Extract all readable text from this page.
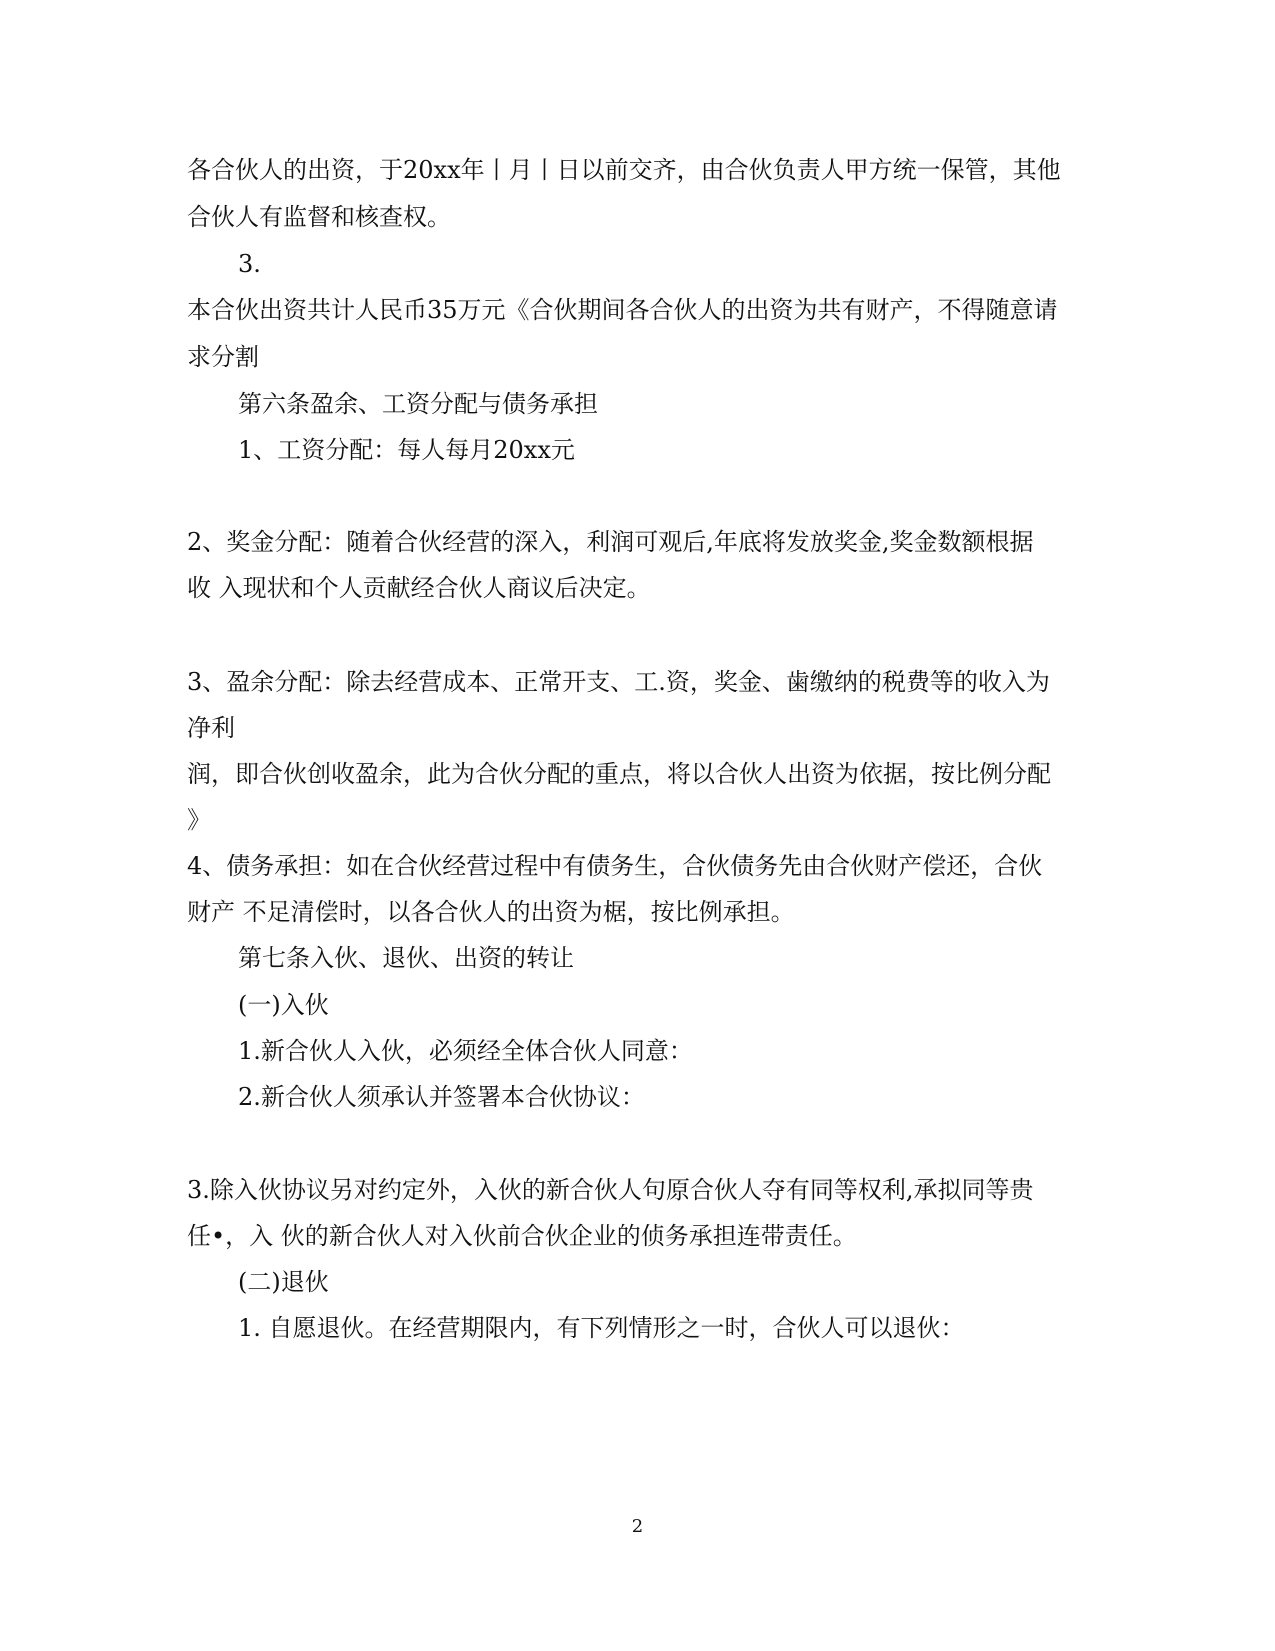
各合伙人的出资，于20xx年丨月丨日以前交齐，由合伙负责人甲方统一保管，其他
合伙人有监督和核查权。
3.
本合伙出资共计人民币35万元《合伙期间各合伙人的出资为共有财产，不得随意请
求分割
第六条盈余、工资分配与债务承担
1、工资分配：每人每月20xx元
2、奖金分配：随着合伙经营的深入，利润可观后,年底将发放奖金,奖金数额根据
收 入现状和个人贡献经合伙人商议后决定。
3、盈余分配：除去经营成本、正常开支、工.资，奖金、歯缴纳的税费等的收入为
净利
润，即合伙创收盈余，此为合伙分配的重点，将以合伙人出资为依据，按比例分配
》
4、债务承担：如在合伙经营过程中有债务生，合伙债务先由合伙财产偿还，合伙
财产 不足清偿时，以各合伙人的出资为椐，按比例承担。
第七条入伙、退伙、出资的转让
(一)入伙
1.新合伙人入伙，必须经全体合伙人同意：
2.新合伙人须承认并签署本合伙协议：
3.除入伙协议另对约定外，入伙的新合伙人句原合伙人夺有同等权利,承拟同等贵
任•，入 伙的新合伙人对入伙前合伙企业的侦务承担连带责任。
(二)退伙
1. 自愿退伙。在经营期限内，有下列情形之一时，合伙人可以退伙：
2
